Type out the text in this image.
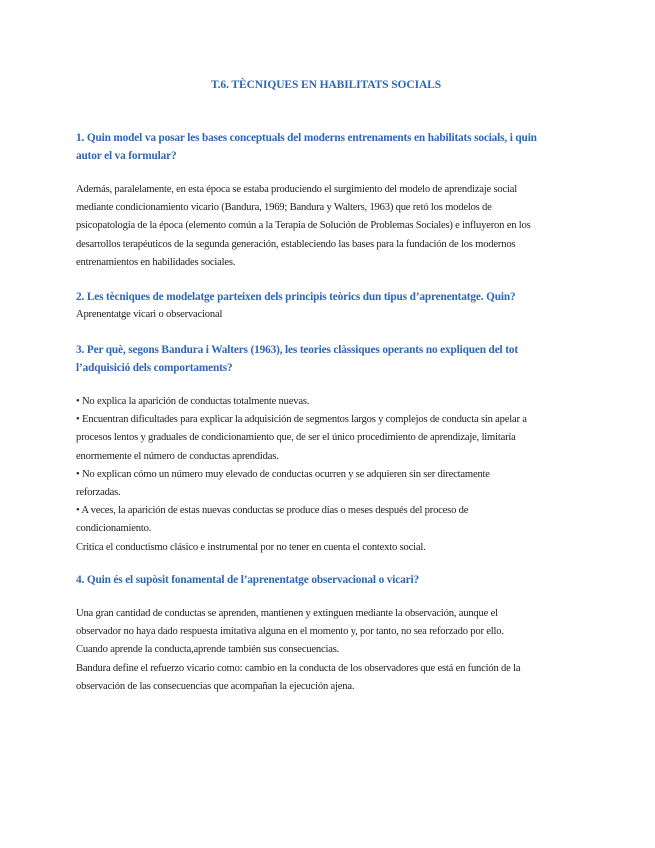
T.6. TÈCNIQUES EN HABILITATS SOCIALS
1. Quin model va posar les bases conceptuals del moderns entrenaments en habilitats socials, i quin
autor el va formular?
Además, paralelamente, en esta época se estaba produciendo el surgimiento del modelo de aprendizaje social
mediante condicionamiento vicario (Bandura, 1969; Bandura y Walters, 1963) que retó los modelos de
psicopatología de la época (elemento común a la Terapia de Solución de Problemas Sociales) e influyeron en los
desarrollos terapéuticos de la segunda generación, estableciendo las bases para la fundación de los modernos
entrenamientos en habilidades sociales.
2. Les tècniques de modelatge parteixen dels principis teòrics dun tipus d’aprenentatge. Quin?
Aprenentatge vicari o observacional
3. Per què, segons Bandura i Walters (1963), les teories clàssiques operants no expliquen del tot
l’adquisició dels comportaments?
• No explica la aparición de conductas totalmente nuevas.
• Encuentran dificultades para explicar la adquisición de segmentos largos y complejos de conducta sin apelar a
procesos lentos y graduales de condicionamiento que, de ser el único procedimiento de aprendizaje, limitaría
enormemente el número de conductas aprendidas.
• No explican cómo un número muy elevado de conductas ocurren y se adquieren sin ser directamente
reforzadas.
• A veces, la aparición de estas nuevas conductas se produce días o meses después del proceso de
condicionamiento.
Critica el conductismo clásico e instrumental por no tener en cuenta el contexto social.
4. Quin és el supòsit fonamental de l’aprenentatge observacional o vicari?
Una gran cantidad de conductas se aprenden, mantienen y extinguen mediante la observación, aunque el
observador no haya dado respuesta imitativa alguna en el momento y, por tanto, no sea reforzado por ello.
Cuando aprende la conducta,aprende también sus consecuencias.
Bandura define el refuerzo vicario como: cambio en la conducta de los observadores que está en función de la
observación de las consecuencias que acompañan la ejecución ajena.
